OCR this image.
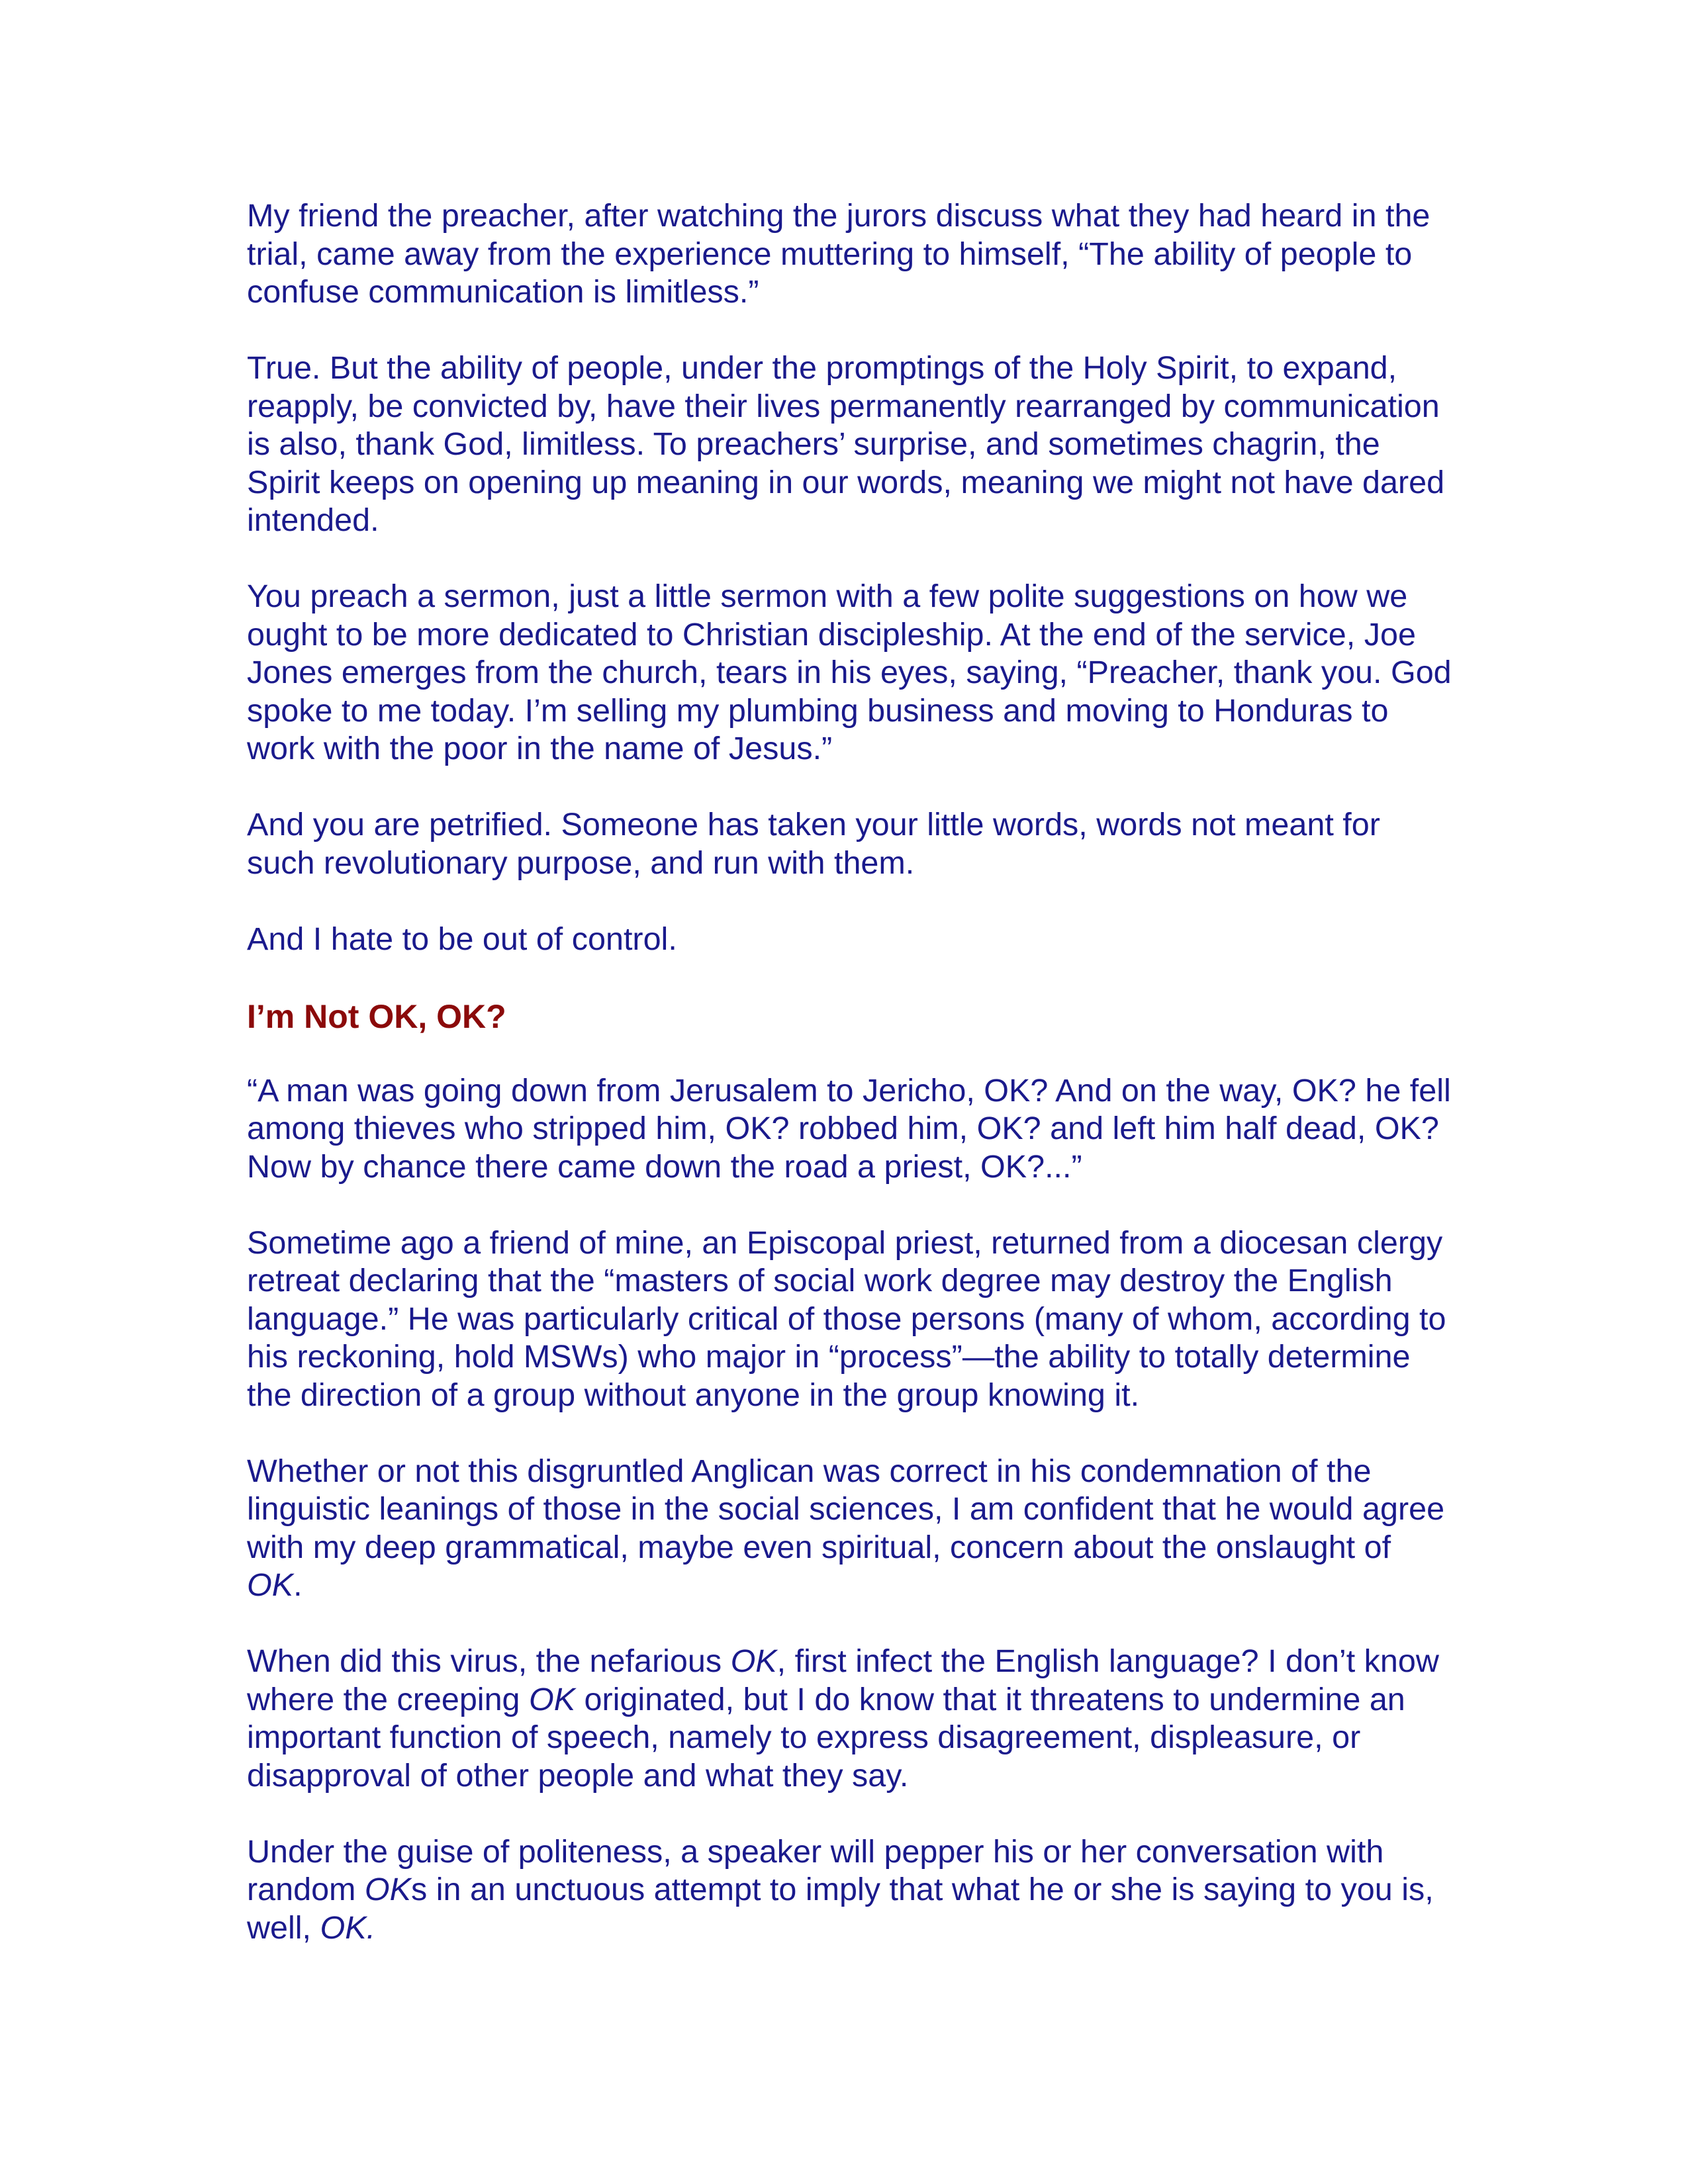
My friend the preacher, after watching the jurors discuss what they had heard in the trial, came away from the experience muttering to himself, “The ability of people to confuse communication is limitless.”

True. But the ability of people, under the promptings of the Holy Spirit, to expand, reapply, be convicted by, have their lives permanently rearranged by communication is also, thank God, limitless. To preachers’ surprise, and sometimes chagrin, the Spirit keeps on opening up meaning in our words, meaning we might not have dared intended.

You preach a sermon, just a little sermon with a few polite suggestions on how we ought to be more dedicated to Christian discipleship. At the end of the service, Joe Jones emerges from the church, tears in his eyes, saying, “Preacher, thank you. God spoke to me today. I’m selling my plumbing business and moving to Honduras to work with the poor in the name of Jesus.”

And you are petrified. Someone has taken your little words, words not meant for such revolutionary purpose, and run with them.

And I hate to be out of control.

I’m Not OK, OK?

“A man was going down from Jerusalem to Jericho, OK? And on the way, OK? he fell among thieves who stripped him, OK? robbed him, OK? and left him half dead, OK? Now by chance there came down the road a priest, OK?...”

Sometime ago a friend of mine, an Episcopal priest, returned from a diocesan clergy retreat declaring that the “masters of social work degree may destroy the English language.” He was particularly critical of those persons (many of whom, according to his reckoning, hold MSWs) who major in “process”—the ability to totally determine the direction of a group without anyone in the group knowing it.

Whether or not this disgruntled Anglican was correct in his condemnation of the linguistic leanings of those in the social sciences, I am confident that he would agree with my deep grammatical, maybe even spiritual, concern about the onslaught of OK.

When did this virus, the nefarious OK, first infect the English language? I don’t know where the creeping OK originated, but I do know that it threatens to undermine an important function of speech, namely to express disagreement, displeasure, or disapproval of other people and what they say.

Under the guise of politeness, a speaker will pepper his or her conversation with random OKs in an unctuous attempt to imply that what he or she is saying to you is, well, OK.
